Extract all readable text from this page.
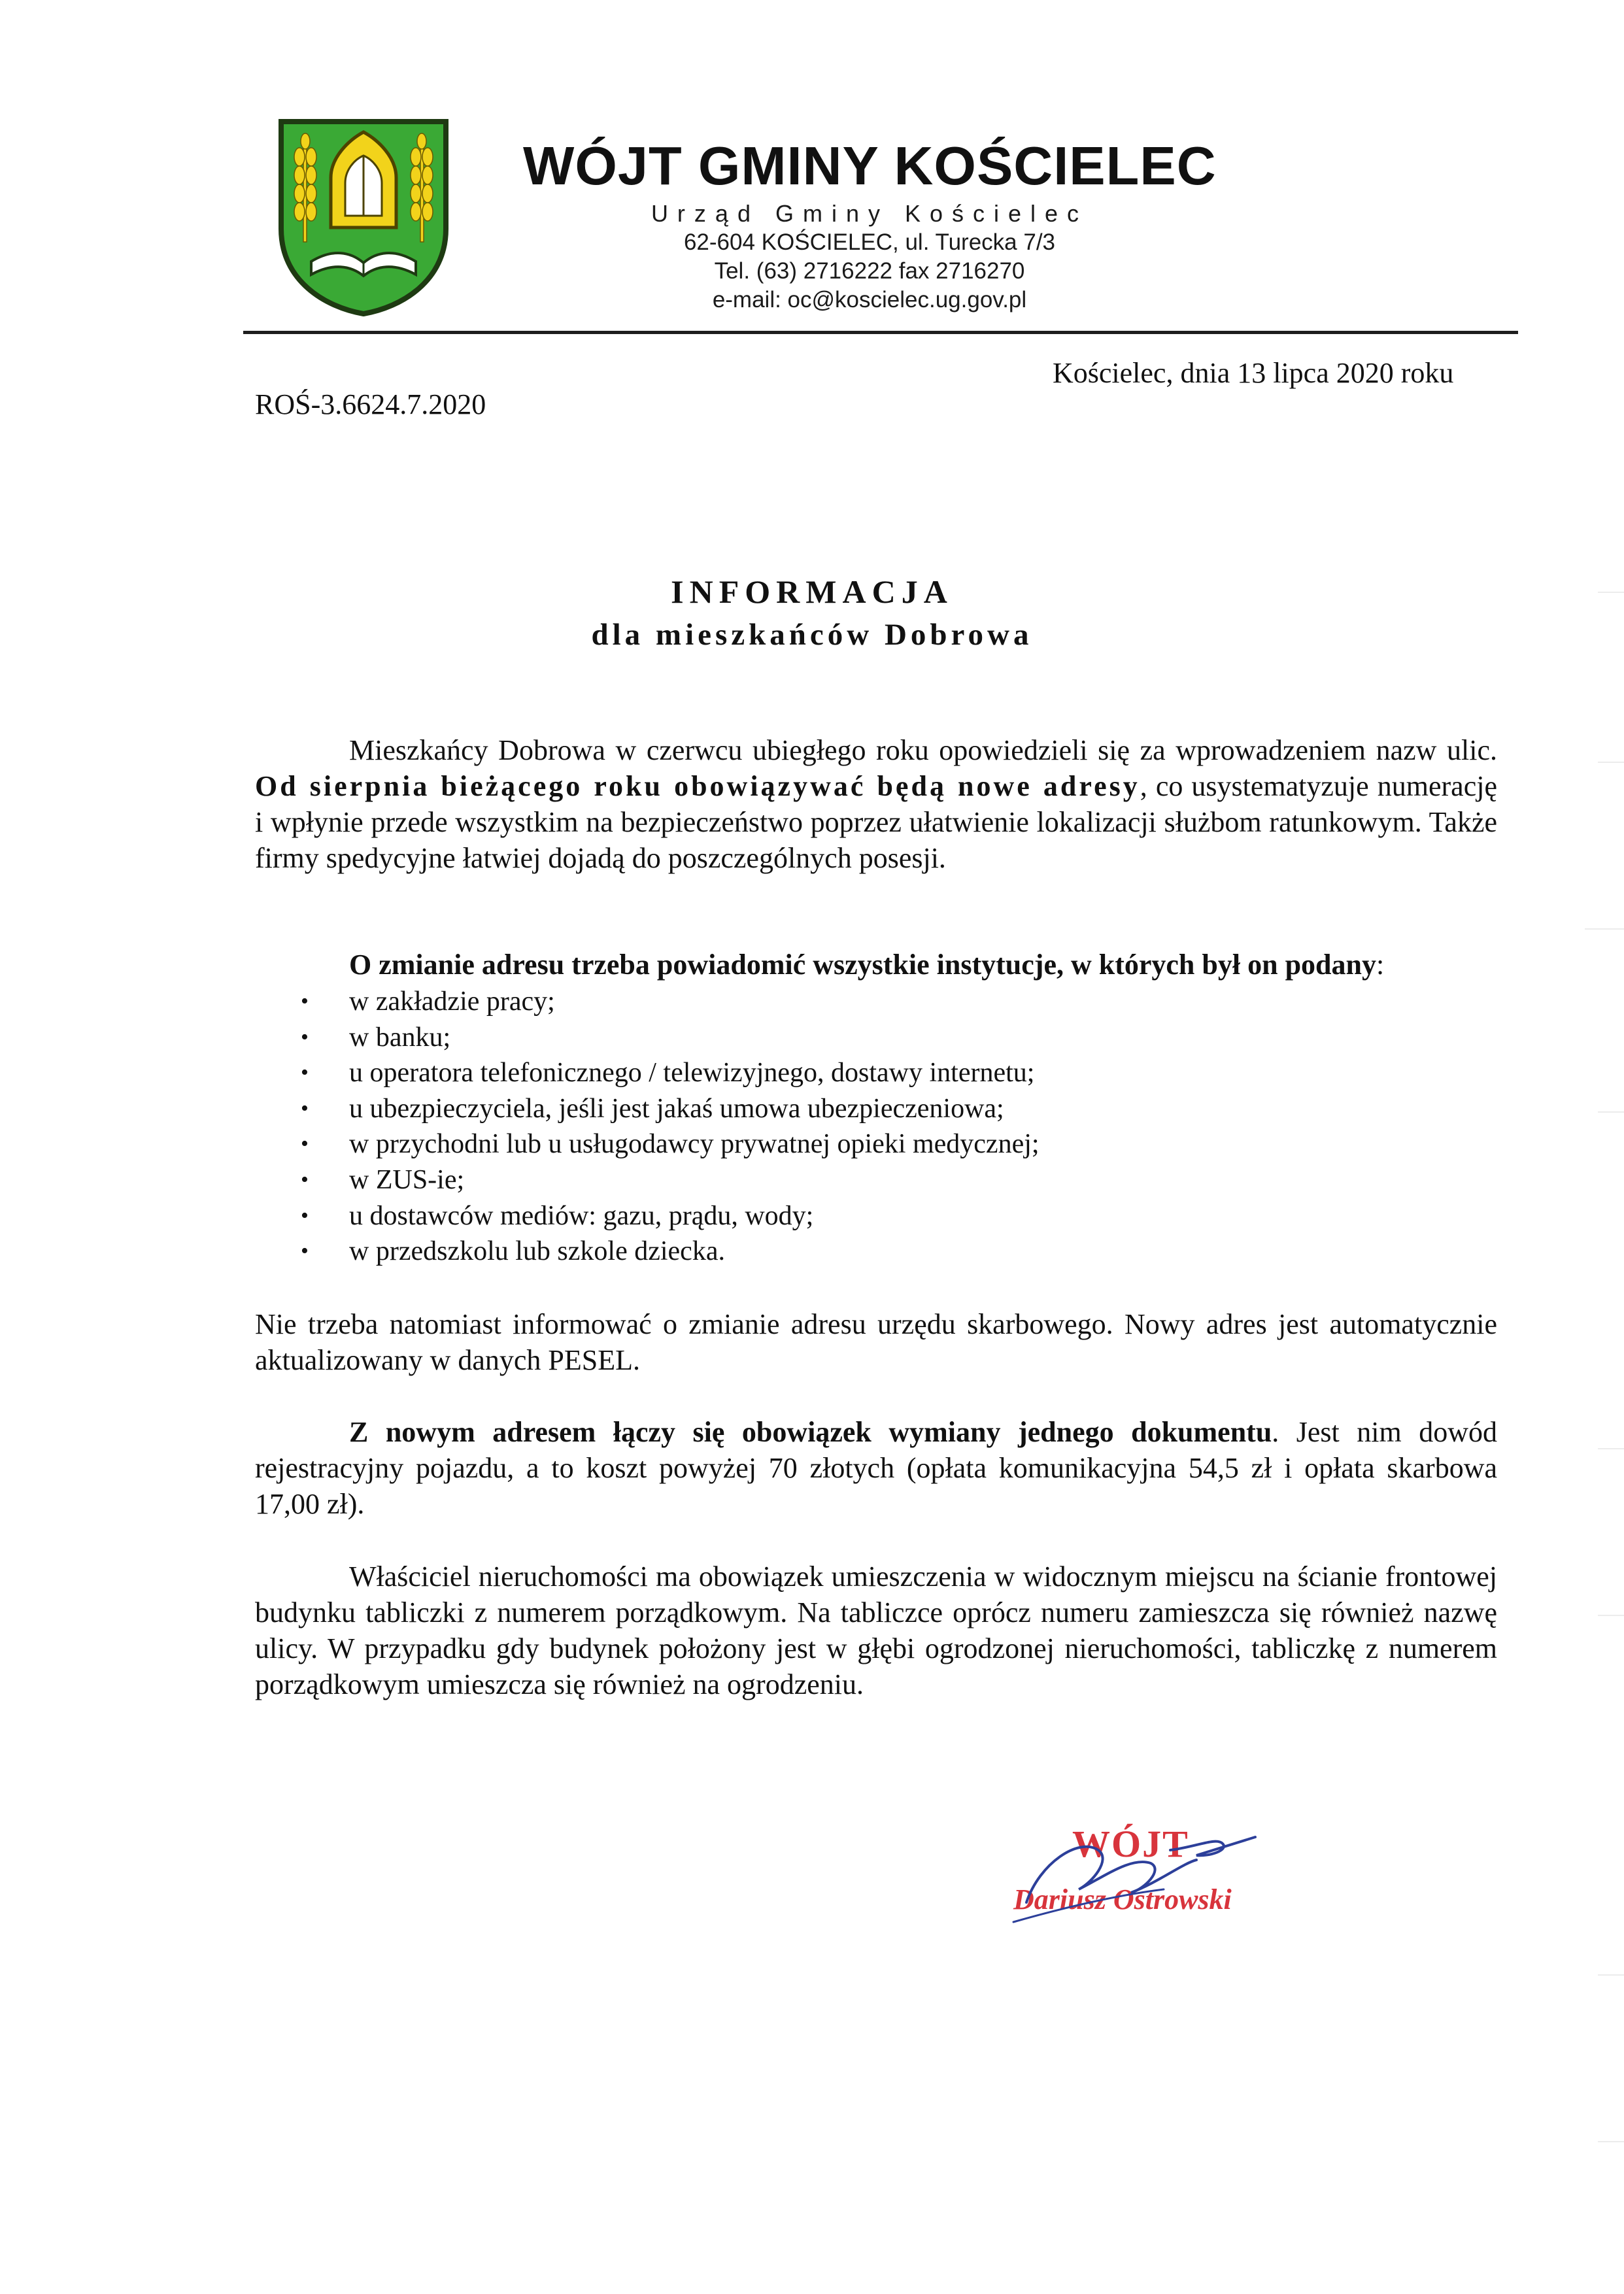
WÓJT GMINY KOŚCIELEC
Urząd Gminy Kościelec
62-604 KOŚCIELEC, ul. Turecka 7/3
Tel. (63) 2716222 fax 2716270
e-mail: oc@koscielec.ug.gov.pl
ROŚ-3.6624.7.2020
Kościelec, dnia 13 lipca 2020 roku
INFORMACJA
dla mieszkańców Dobrowa

Mieszkańcy Dobrowa w czerwcu ubiegłego roku opowiedzieli się za wprowadzeniem nazw ulic. Od sierpnia bieżącego roku obowiązywać będą nowe adresy, co usystematyzuje numerację i wpłynie przede wszystkim na bezpieczeństwo poprzez ułatwienie lokalizacji służbom ratunkowym. Także firmy spedycyjne łatwiej dojadą do poszczególnych posesji.

O zmianie adresu trzeba powiadomić wszystkie instytucje, w których był on podany:
• w zakładzie pracy;
• w banku;
• u operatora telefonicznego / telewizyjnego, dostawy internetu;
• u ubezpieczyciela, jeśli jest jakaś umowa ubezpieczeniowa;
• w przychodni lub u usługodawcy prywatnej opieki medycznej;
• w ZUS-ie;
• u dostawców mediów: gazu, prądu, wody;
• w przedszkolu lub szkole dziecka.

Nie trzeba natomiast informować o zmianie adresu urzędu skarbowego. Nowy adres jest automatycznie aktualizowany w danych PESEL.

Z nowym adresem łączy się obowiązek wymiany jednego dokumentu. Jest nim dowód rejestracyjny pojazdu, a to koszt powyżej 70 złotych (opłata komunikacyjna 54,5 zł i opłata skarbowa 17,00 zł).

Właściciel nieruchomości ma obowiązek umieszczenia w widocznym miejscu na ścianie frontowej budynku tabliczki z numerem porządkowym. Na tabliczce oprócz numeru zamieszcza się również nazwę ulicy. W przypadku gdy budynek położony jest w głębi ogrodzonej nieruchomości, tabliczkę z numerem porządkowym umieszcza się również na ogrodzeniu.

WÓJT
Dariusz Ostrowski
